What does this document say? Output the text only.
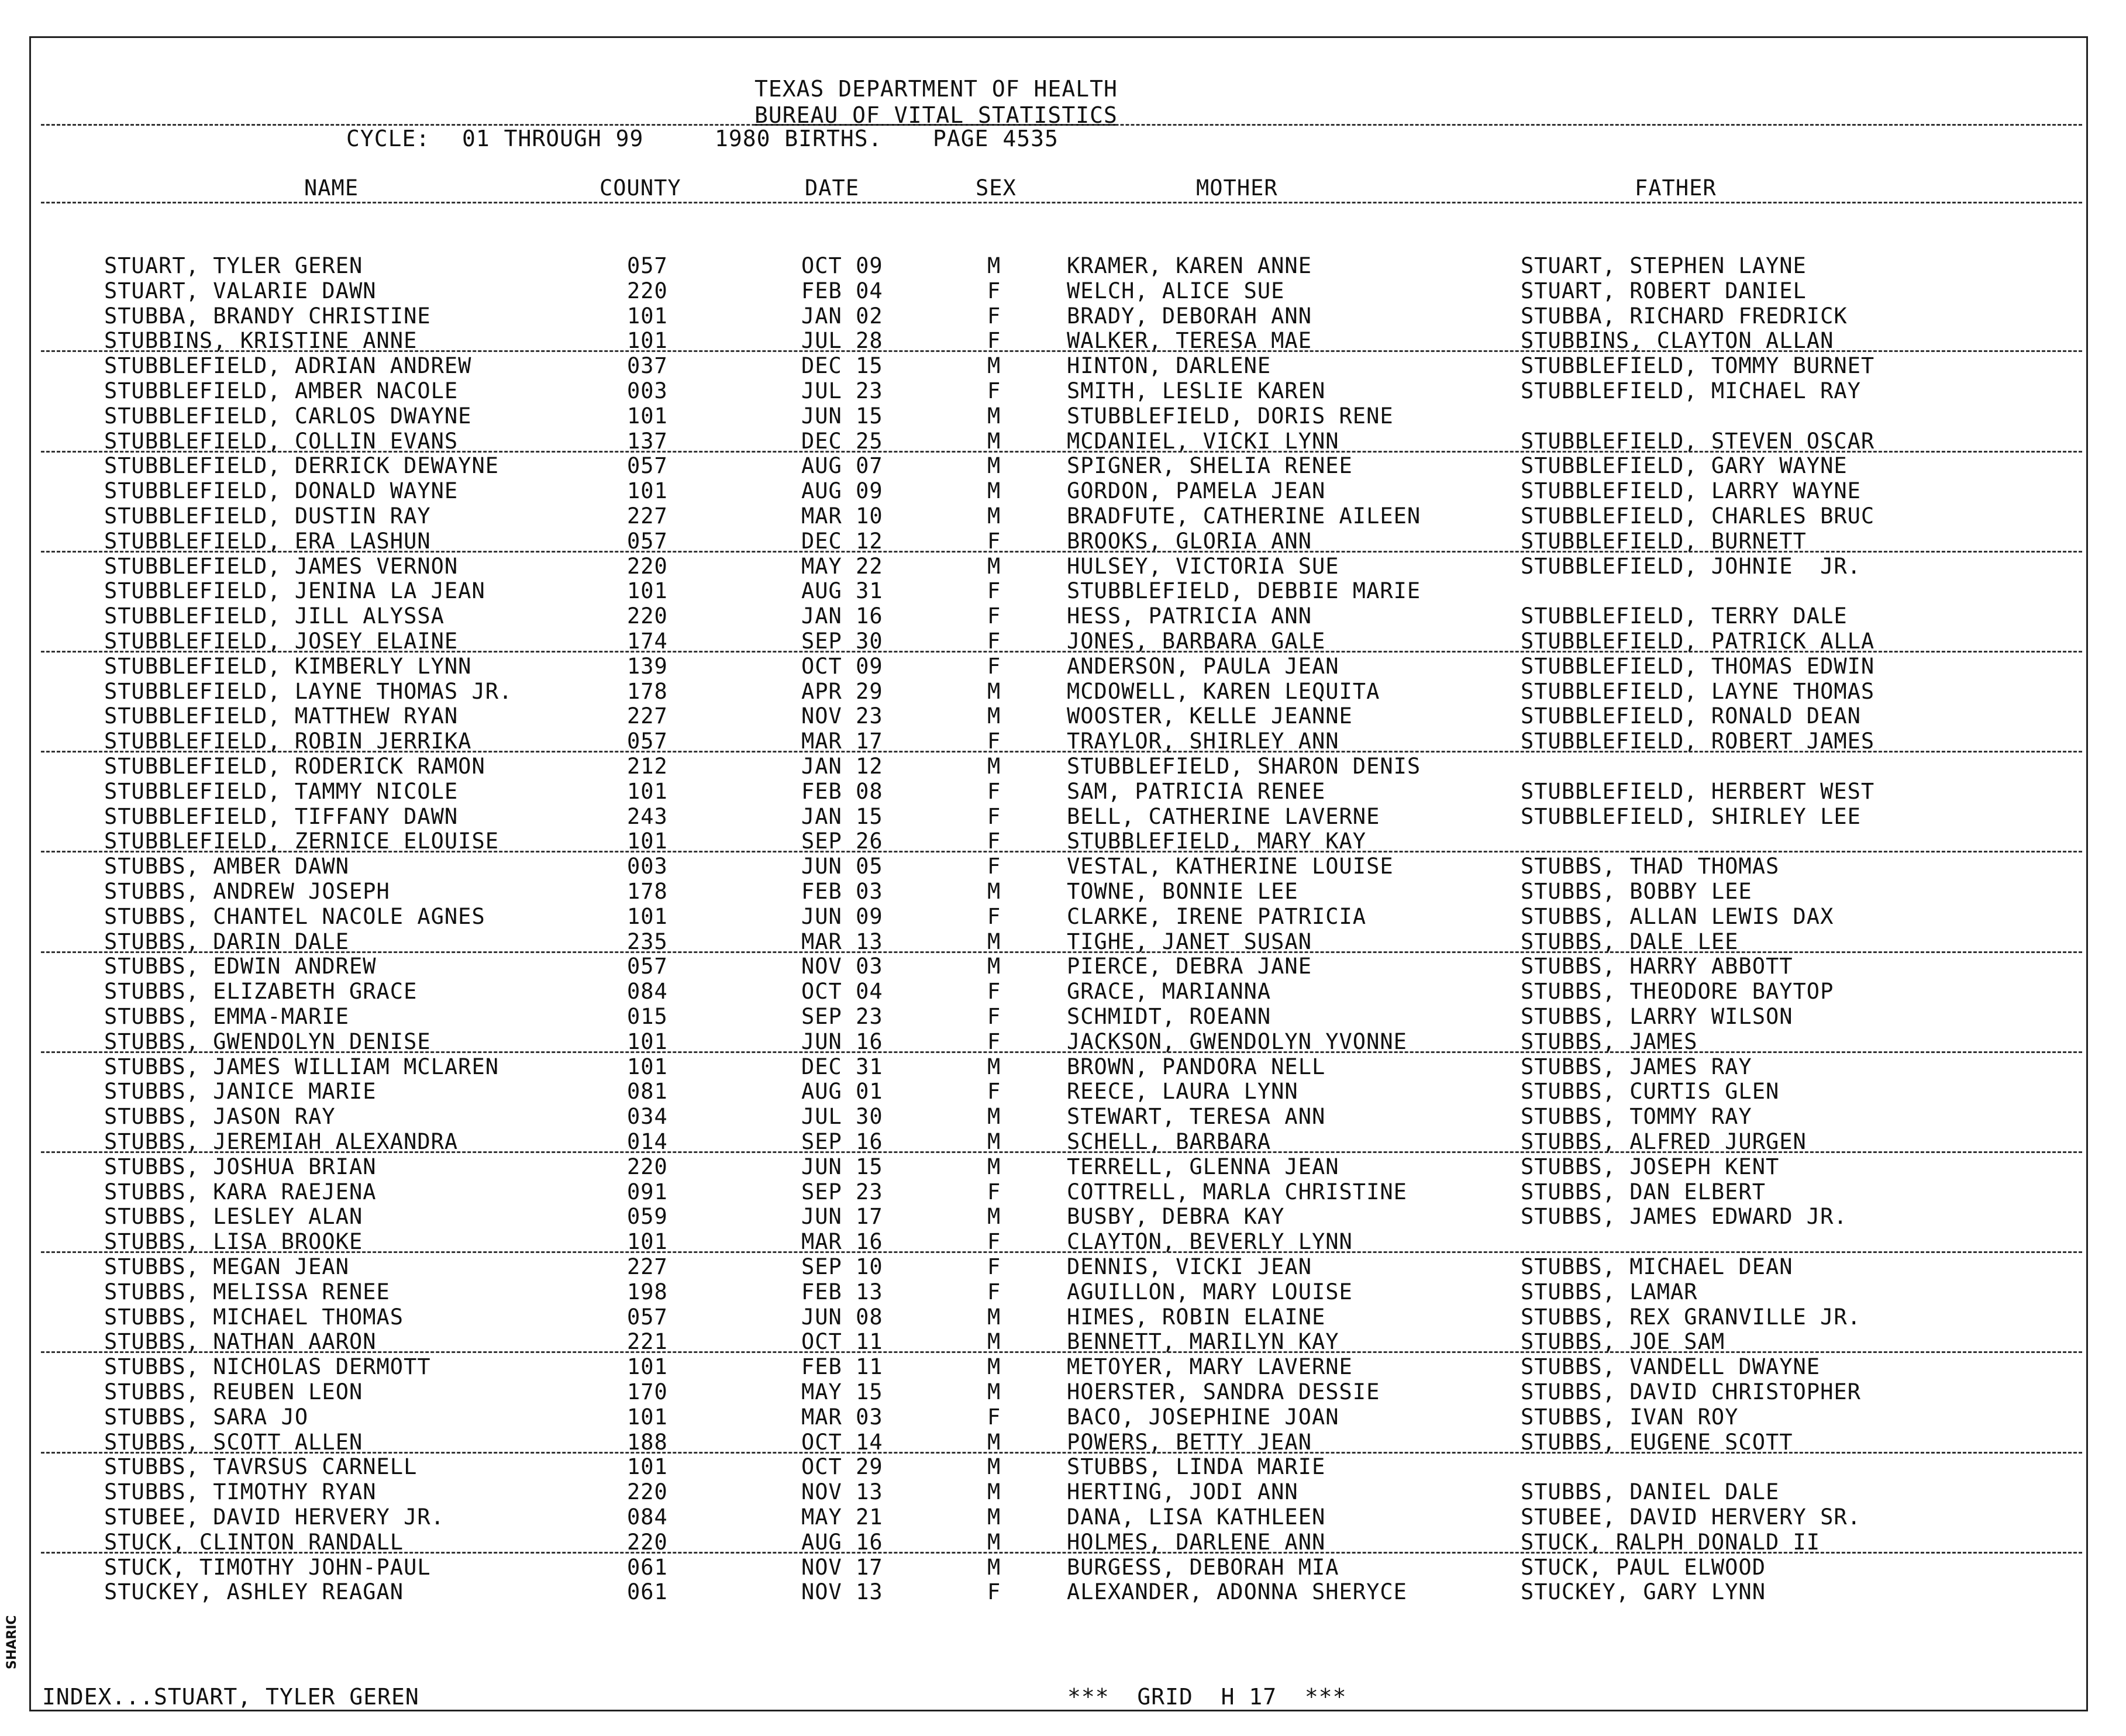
TEXAS DEPARTMENT OF HEALTH
BUREAU OF VITAL STATISTICS
CYCLE: 01 THROUGH 99	1980 BIRTHS. PAGE 4535
NAME	COUNTY	DATE	SEX	MOTHER	FATHER
STUART, TYLER GEREN	057	OCT 09	M	KRAMER, KAREN ANNE	STUART, STEPHEN LAYNE
STUART, VALARIE DAWN	220	FEB 04	F	WELCH, ALICE SUE	STUART, ROBERT DANIEL
STUBBA, BRANDY CHRISTINE	101	JAN 02	F	BRADY, DEBORAH ANN	STUBBA, RICHARD FREDRICK
STUBBINS, KRISTINE ANNE	101	JUL 28	F	WALKER, TERESA MAE	STUBBINS, CLAYTON ALLAN
STUBBLEFIELD, ADRIAN ANDREW	037	DEC 15	M	HINTON, DARLENE	STUBBLEFIELD, TOMMY BURNET
STUBBLEFIELD, AMBER NACOLE	003	JUL 23	F	SMITH, LESLIE KAREN	STUBBLEFIELD, MICHAEL RAY
STUBBLEFIELD, CARLOS DWAYNE	101	JUN 15	M	STUBBLEFIELD, DORIS RENE
STUBBLEFIELD, COLLIN EVANS	137	DEC 25	M	MCDANIEL, VICKI LYNN	STUBBLEFIELD, STEVEN OSCAR
STUBBLEFIELD, DERRICK DEWAYNE	057	AUG 07	M	SPIGNER, SHELIA RENEE	STUBBLEFIELD, GARY WAYNE
STUBBLEFIELD, DONALD WAYNE	101	AUG 09	M	GORDON, PAMELA JEAN	STUBBLEFIELD, LARRY WAYNE
STUBBLEFIELD, DUSTIN RAY	227	MAR 10	M	BRADFUTE, CATHERINE AILEEN	STUBBLEFIELD, CHARLES BRUC
STUBBLEFIELD, ERA LASHUN	057	DEC 12	F	BROOKS, GLORIA ANN	STUBBLEFIELD, BURNETT
STUBBLEFIELD, JAMES VERNON	220	MAY 22	M	HULSEY, VICTORIA SUE	STUBBLEFIELD, JOHNIE  JR.
STUBBLEFIELD, JENINA LA JEAN	101	AUG 31	F	STUBBLEFIELD, DEBBIE MARIE
STUBBLEFIELD, JILL ALYSSA	220	JAN 16	F	HESS, PATRICIA ANN	STUBBLEFIELD, TERRY DALE
STUBBLEFIELD, JOSEY ELAINE	174	SEP 30	F	JONES, BARBARA GALE	STUBBLEFIELD, PATRICK ALLA
STUBBLEFIELD, KIMBERLY LYNN	139	OCT 09	F	ANDERSON, PAULA JEAN	STUBBLEFIELD, THOMAS EDWIN
STUBBLEFIELD, LAYNE THOMAS JR.	178	APR 29	M	MCDOWELL, KAREN LEQUITA	STUBBLEFIELD, LAYNE THOMAS
STUBBLEFIELD, MATTHEW RYAN	227	NOV 23	M	WOOSTER, KELLE JEANNE	STUBBLEFIELD, RONALD DEAN
STUBBLEFIELD, ROBIN JERRIKA	057	MAR 17	F	TRAYLOR, SHIRLEY ANN	STUBBLEFIELD, ROBERT JAMES
STUBBLEFIELD, RODERICK RAMON	212	JAN 12	M	STUBBLEFIELD, SHARON DENIS
STUBBLEFIELD, TAMMY NICOLE	101	FEB 08	F	SAM, PATRICIA RENEE	STUBBLEFIELD, HERBERT WEST
STUBBLEFIELD, TIFFANY DAWN	243	JAN 15	F	BELL, CATHERINE LAVERNE	STUBBLEFIELD, SHIRLEY LEE
STUBBLEFIELD, ZERNICE ELOUISE	101	SEP 26	F	STUBBLEFIELD, MARY KAY
STUBBS, AMBER DAWN	003	JUN 05	F	VESTAL, KATHERINE LOUISE	STUBBS, THAD THOMAS
STUBBS, ANDREW JOSEPH	178	FEB 03	M	TOWNE, BONNIE LEE	STUBBS, BOBBY LEE
STUBBS, CHANTEL NACOLE AGNES	101	JUN 09	F	CLARKE, IRENE PATRICIA	STUBBS, ALLAN LEWIS DAX
STUBBS, DARIN DALE	235	MAR 13	M	TIGHE, JANET SUSAN	STUBBS, DALE LEE
STUBBS, EDWIN ANDREW	057	NOV 03	M	PIERCE, DEBRA JANE	STUBBS, HARRY ABBOTT
STUBBS, ELIZABETH GRACE	084	OCT 04	F	GRACE, MARIANNA	STUBBS, THEODORE BAYTOP
STUBBS, EMMA-MARIE	015	SEP 23	F	SCHMIDT, ROEANN	STUBBS, LARRY WILSON
STUBBS, GWENDOLYN DENISE	101	JUN 16	F	JACKSON, GWENDOLYN YVONNE	STUBBS, JAMES
STUBBS, JAMES WILLIAM MCLAREN	101	DEC 31	M	BROWN, PANDORA NELL	STUBBS, JAMES RAY
STUBBS, JANICE MARIE	081	AUG 01	F	REECE, LAURA LYNN	STUBBS, CURTIS GLEN
STUBBS, JASON RAY	034	JUL 30	M	STEWART, TERESA ANN	STUBBS, TOMMY RAY
STUBBS, JEREMIAH ALEXANDRA	014	SEP 16	M	SCHELL, BARBARA	STUBBS, ALFRED JURGEN
STUBBS, JOSHUA BRIAN	220	JUN 15	M	TERRELL, GLENNA JEAN	STUBBS, JOSEPH KENT
STUBBS, KARA RAEJENA	091	SEP 23	F	COTTRELL, MARLA CHRISTINE	STUBBS, DAN ELBERT
STUBBS, LESLEY ALAN	059	JUN 17	M	BUSBY, DEBRA KAY	STUBBS, JAMES EDWARD JR.
STUBBS, LISA BROOKE	101	MAR 16	F	CLAYTON, BEVERLY LYNN
STUBBS, MEGAN JEAN	227	SEP 10	F	DENNIS, VICKI JEAN	STUBBS, MICHAEL DEAN
STUBBS, MELISSA RENEE	198	FEB 13	F	AGUILLON, MARY LOUISE	STUBBS, LAMAR
STUBBS, MICHAEL THOMAS	057	JUN 08	M	HIMES, ROBIN ELAINE	STUBBS, REX GRANVILLE JR.
STUBBS, NATHAN AARON	221	OCT 11	M	BENNETT, MARILYN KAY	STUBBS, JOE SAM
STUBBS, NICHOLAS DERMOTT	101	FEB 11	M	METOYER, MARY LAVERNE	STUBBS, VANDELL DWAYNE
STUBBS, REUBEN LEON	170	MAY 15	M	HOERSTER, SANDRA DESSIE	STUBBS, DAVID CHRISTOPHER
STUBBS, SARA JO	101	MAR 03	F	BACO, JOSEPHINE JOAN	STUBBS, IVAN ROY
STUBBS, SCOTT ALLEN	188	OCT 14	M	POWERS, BETTY JEAN	STUBBS, EUGENE SCOTT
STUBBS, TAVRSUS CARNELL	101	OCT 29	M	STUBBS, LINDA MARIE
STUBBS, TIMOTHY RYAN	220	NOV 13	M	HERTING, JODI ANN	STUBBS, DANIEL DALE
STUBEE, DAVID HERVERY JR.	084	MAY 21	M	DANA, LISA KATHLEEN	STUBEE, DAVID HERVERY SR.
STUCK, CLINTON RANDALL	220	AUG 16	M	HOLMES, DARLENE ANN	STUCK, RALPH DONALD II
STUCK, TIMOTHY JOHN-PAUL	061	NOV 17	M	BURGESS, DEBORAH MIA	STUCK, PAUL ELWOOD
STUCKEY, ASHLEY REAGAN	061	NOV 13	F	ALEXANDER, ADONNA SHERYCE	STUCKEY, GARY LYNN
INDEX...STUART, TYLER GEREN	***  GRID  H 17  ***
SHARIC
